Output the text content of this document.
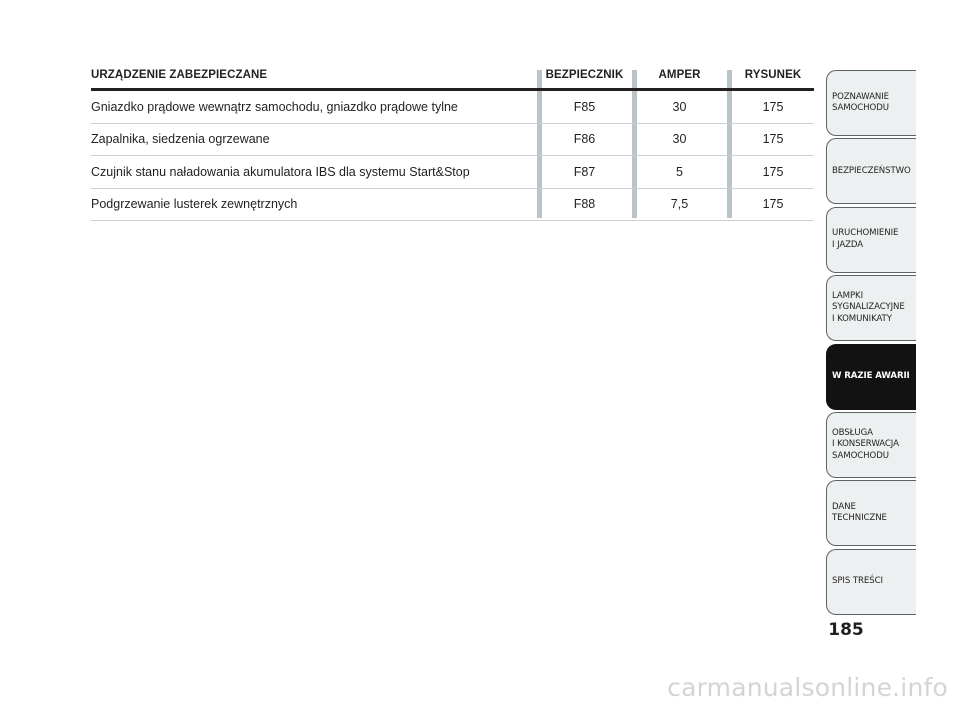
URZĄDZENIE ZABEZPIECZANE	BEZPIECZNIK	AMPER	RYSUNEK
Gniazdko prądowe wewnątrz samochodu, gniazdko prądowe tylne	F85	30	175
Zapalnika, siedzenia ogrzewane	F86	30	175
Czujnik stanu naładowania akumulatora IBS dla systemu Start&Stop	F87	5	175
Podgrzewanie lusterek zewnętrznych	F88	7,5	175
POZNAWANIE
SAMOCHODU
BEZPIECZEŃSTWO
URUCHOMIENIE
I JAZDA
LAMPKI
SYGNALIZACYJNE
I KOMUNIKATY
W RAZIE AWARII
OBSŁUGA
I KONSERWACJA
SAMOCHODU
DANE
TECHNICZNE
SPIS TREŚCI
185
carmanualsonline.info
